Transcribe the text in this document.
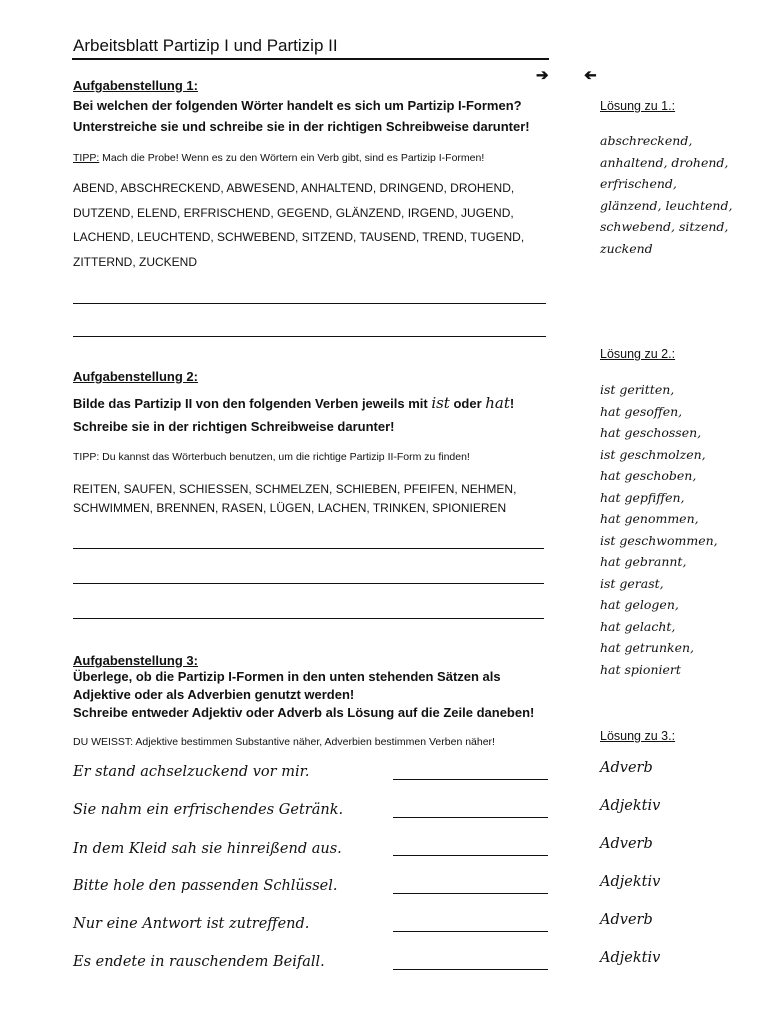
Arbeitsblatt Partizip I und Partizip II
➔ ➔
Aufgabenstellung 1:
Bei welchen der folgenden Wörter handelt es sich um Partizip I-Formen?
Unterstreiche sie und schreibe sie in der richtigen Schreibweise darunter!
TIPP: Mach die Probe! Wenn es zu den Wörtern ein Verb gibt, sind es Partizip I-Formen!
ABEND, ABSCHRECKEND, ABWESEND, ANHALTEND, DRINGEND, DROHEND,
DUTZEND, ELEND, ERFRISCHEND, GEGEND, GLÄNZEND, IRGEND, JUGEND,
LACHEND, LEUCHTEND, SCHWEBEND, SITZEND, TAUSEND, TREND, TUGEND,
ZITTERND, ZUCKEND
Aufgabenstellung 2:
Bilde das Partizip II von den folgenden Verben jeweils mit ist oder hat!
Schreibe sie in der richtigen Schreibweise darunter!
TIPP: Du kannst das Wörterbuch benutzen, um die richtige Partizip II-Form zu finden!
REITEN, SAUFEN, SCHIESSEN, SCHMELZEN, SCHIEBEN, PFEIFEN, NEHMEN,
SCHWIMMEN, BRENNEN, RASEN, LÜGEN, LACHEN, TRINKEN, SPIONIEREN
Aufgabenstellung 3:
Überlege, ob die Partizip I-Formen in den unten stehenden Sätzen als
Adjektive oder als Adverbien genutzt werden!
Schreibe entweder Adjektiv oder Adverb als Lösung auf die Zeile daneben!
DU WEISST: Adjektive bestimmen Substantive näher, Adverbien bestimmen Verben näher!
Er stand achselzuckend vor mir.
Sie nahm ein erfrischendes Getränk.
In dem Kleid sah sie hinreißend aus.
Bitte hole den passenden Schlüssel.
Nur eine Antwort ist zutreffend.
Es endete in rauschendem Beifall.
Lösung zu 1.:
abschreckend,
anhaltend, drohend,
erfrischend,
glänzend, leuchtend,
schwebend, sitzend,
zuckend
Lösung zu 2.:
ist geritten,
hat gesoffen,
hat geschossen,
ist geschmolzen,
hat geschoben,
hat gepfiffen,
hat genommen,
ist geschwommen,
hat gebrannt,
ist gerast,
hat gelogen,
hat gelacht,
hat getrunken,
hat spioniert
Lösung zu 3.:
Adverb
Adjektiv
Adverb
Adjektiv
Adverb
Adjektiv
